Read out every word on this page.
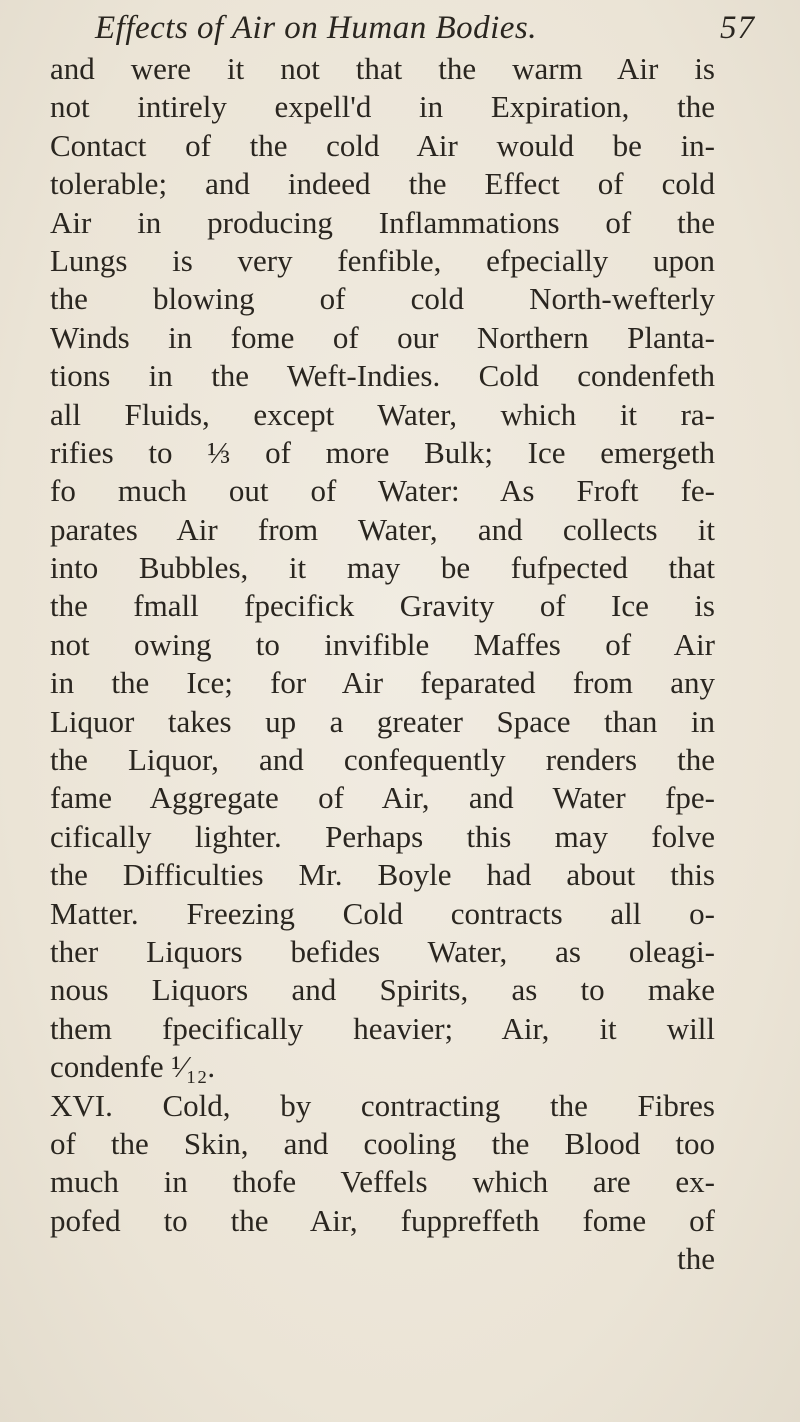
Effects of Air on Human Bodies.	57
and were it not that the warm Air is
not intirely expell'd in Expiration, the
Contact of the cold Air would be in-
tolerable; and indeed the Effect of cold
Air in producing Inflammations of the
Lungs is very fenfible, efpecially upon
the blowing of cold North-wefterly
Winds in fome of our Northern Planta-
tions in the Weft-Indies. Cold condenfeth
all Fluids, except Water, which it ra-
rifies to ⅓ of more Bulk; Ice emergeth
fo much out of Water: As Froft fe-
parates Air from Water, and collects it
into Bubbles, it may be fufpected that
the fmall fpecifick Gravity of Ice is
not owing to invifible Maffes of Air
in the Ice; for Air feparated from any
Liquor takes up a greater Space than in
the Liquor, and confequently renders the
fame Aggregate of Air, and Water fpe-
cifically lighter. Perhaps this may folve
the Difficulties Mr. Boyle had about this
Matter. Freezing Cold contracts all o-
ther Liquors befides Water, as oleagi-
nous Liquors and Spirits, as to make
them fpecifically heavier; Air, it will
condenfe ¹⁄₁₂.
XVI. Cold, by contracting the Fibres
of the Skin, and cooling the Blood too
much in thofe Veffels which are ex-
pofed to the Air, fuppreffeth fome of
the
